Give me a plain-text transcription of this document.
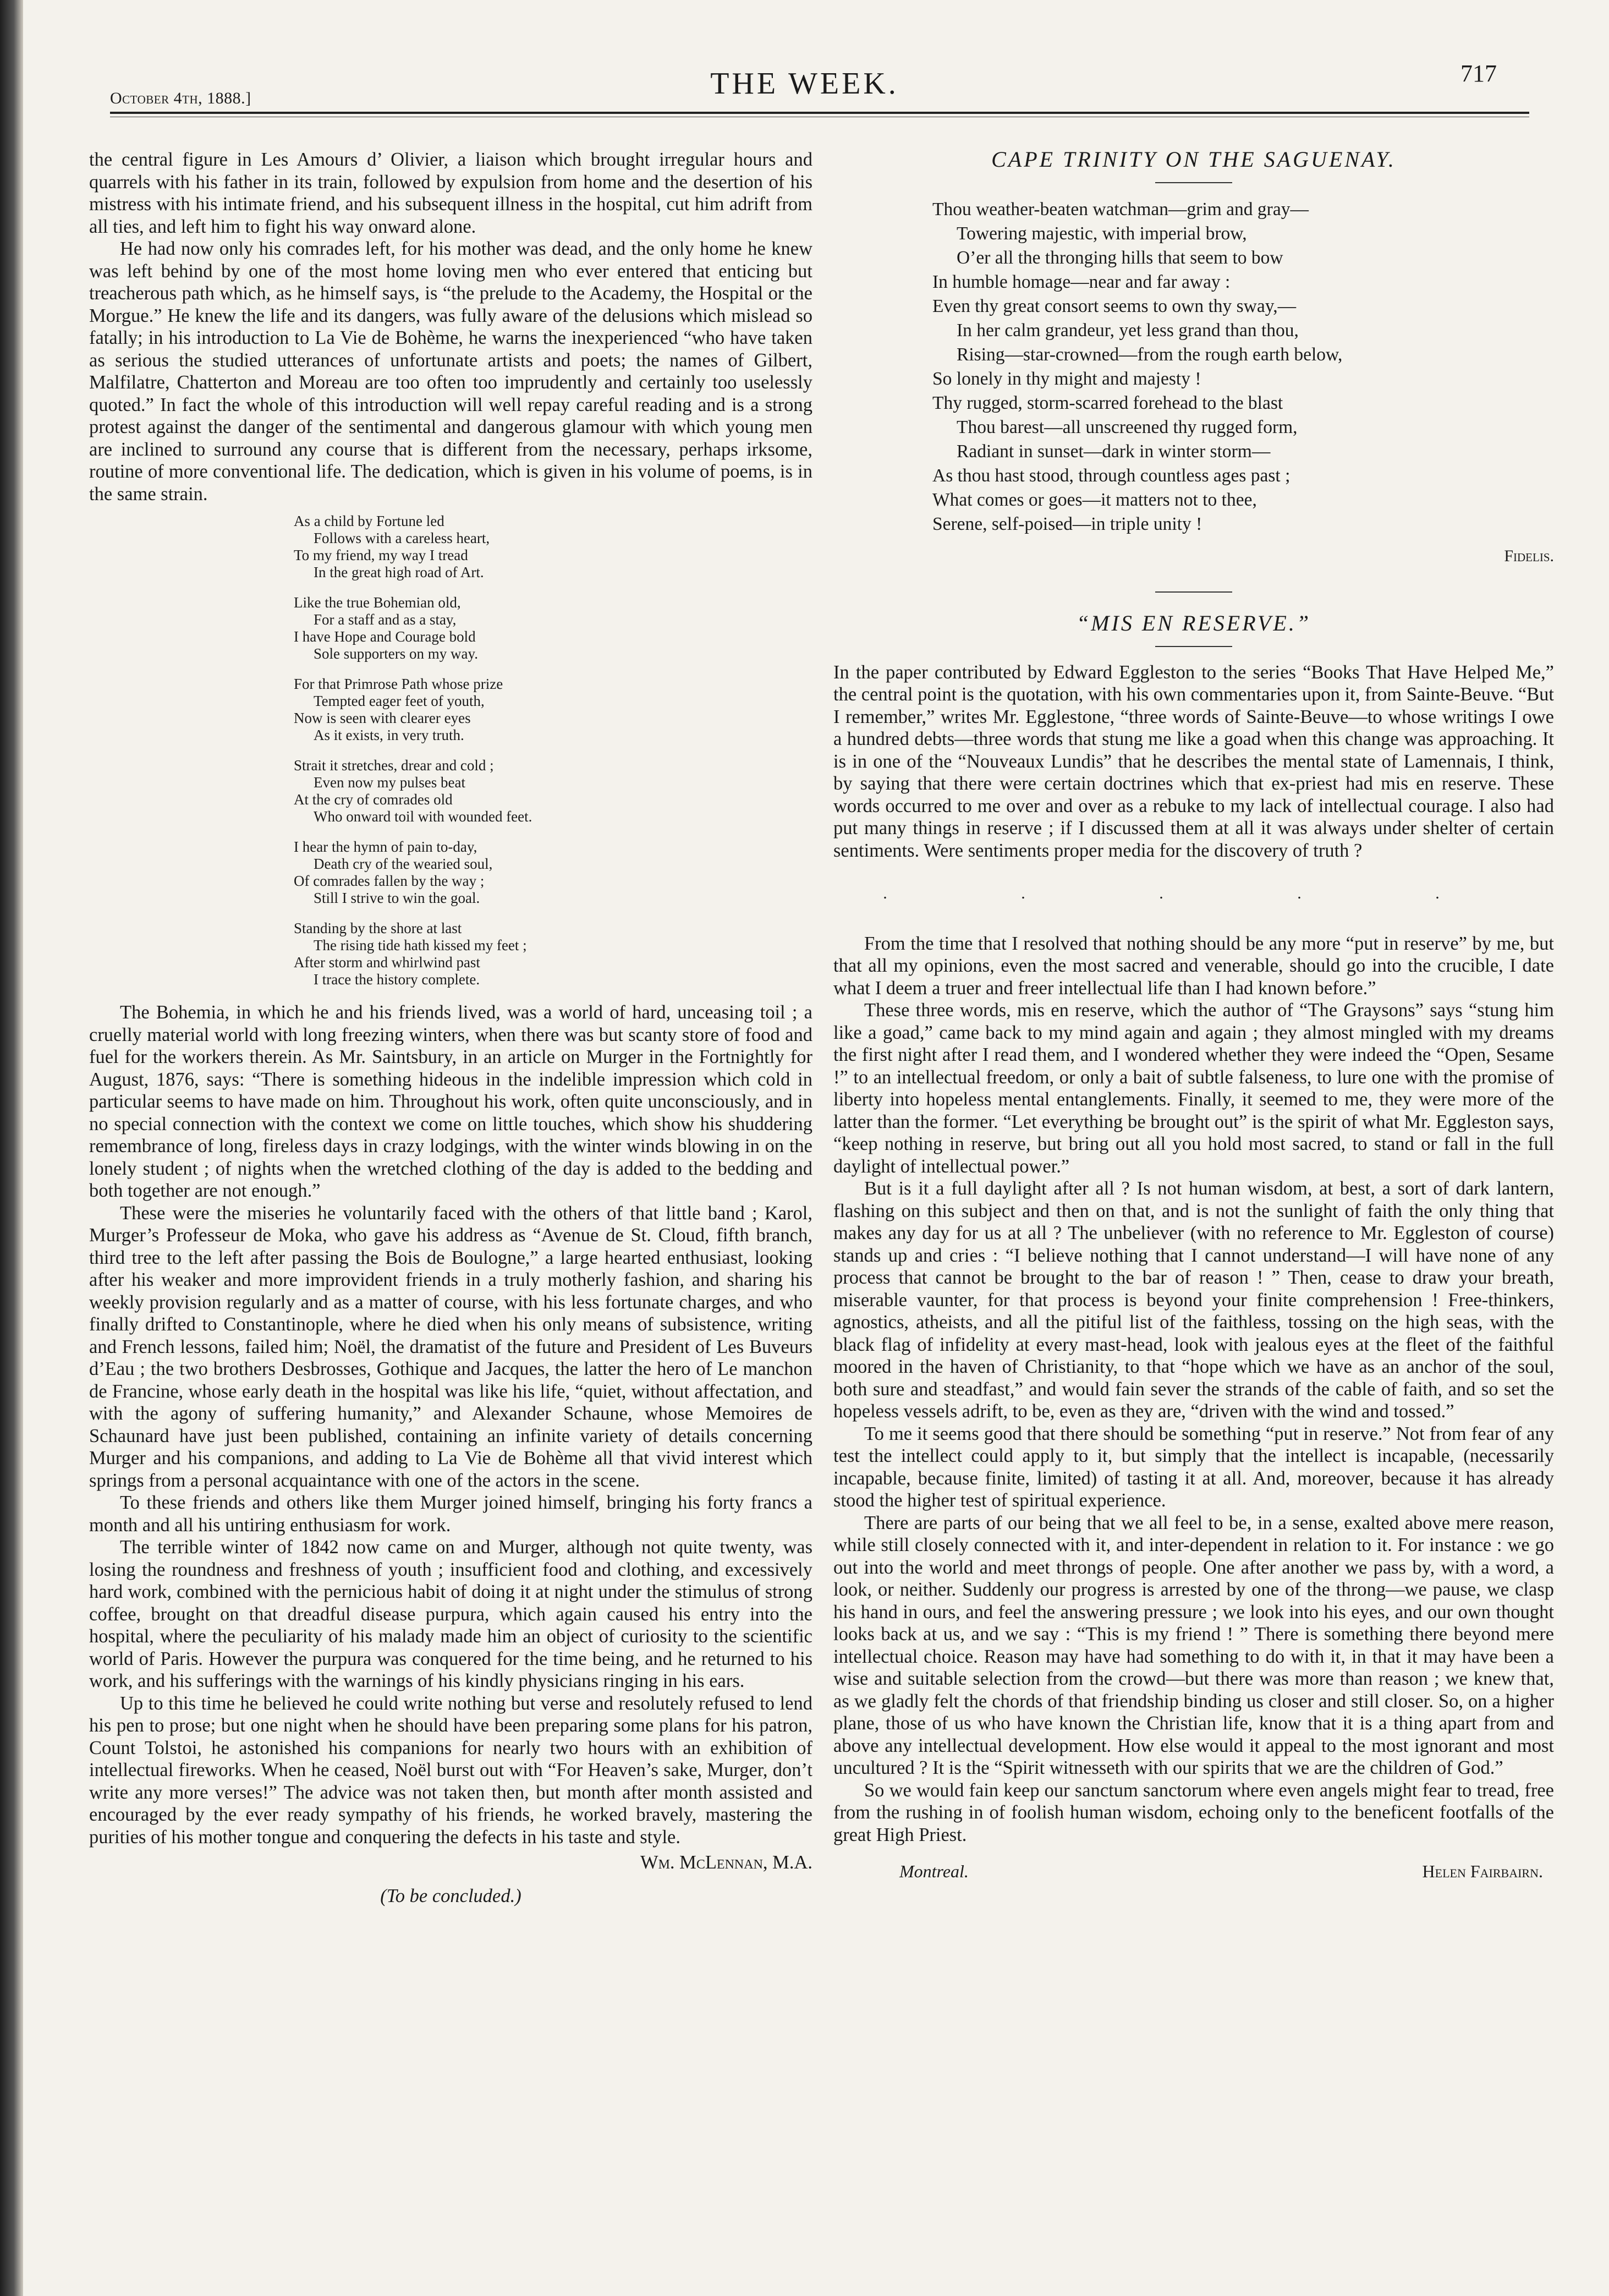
October 4th, 1888.]	THE WEEK.	717

the central figure in Les Amours d’ Olivier, a liaison which brought irregular hours and quarrels with his father in its train, followed by expulsion from home and the desertion of his mistress with his intimate friend, and his subsequent illness in the hospital, cut him adrift from all ties, and left him to fight his way onward alone.

He had now only his comrades left, for his mother was dead, and the only home he knew was left behind by one of the most home loving men who ever entered that enticing but treacherous path which, as he himself says, is “the prelude to the Academy, the Hospital or the Morgue.” He knew the life and its dangers, was fully aware of the delusions which mislead so fatally; in his introduction to La Vie de Bohème, he warns the inexperienced “who have taken as serious the studied utterances of unfortunate artists and poets; the names of Gilbert, Malfilatre, Chatterton and Moreau are too often too imprudently and certainly too uselessly quoted.” In fact the whole of this introduction will well repay careful reading and is a strong protest against the danger of the sentimental and dangerous glamour with which young men are inclined to surround any course that is different from the necessary, perhaps irksome, routine of more conventional life. The dedication, which is given in his volume of poems, is in the same strain.

As a child by Fortune led
Follows with a careless heart,
To my friend, my way I tread
In the great high road of Art.
Like the true Bohemian old,
For a staff and as a stay,
I have Hope and Courage bold
Sole supporters on my way.
For that Primrose Path whose prize
Tempted eager feet of youth,
Now is seen with clearer eyes
As it exists, in very truth.
Strait it stretches, drear and cold ;
Even now my pulses beat
At the cry of comrades old
Who onward toil with wounded feet.
I hear the hymn of pain to-day,
Death cry of the wearied soul,
Of comrades fallen by the way ;
Still I strive to win the goal.
Standing by the shore at last
The rising tide hath kissed my feet ;
After storm and whirlwind past
I trace the history complete.

The Bohemia, in which he and his friends lived, was a world of hard, unceasing toil ; a cruelly material world with long freezing winters, when there was but scanty store of food and fuel for the workers therein. As Mr. Saintsbury, in an article on Murger in the Fortnightly for August, 1876, says: “There is something hideous in the indelible impression which cold in particular seems to have made on him. Throughout his work, often quite unconsciously, and in no special connection with the context we come on little touches, which show his shuddering remembrance of long, fireless days in crazy lodgings, with the winter winds blowing in on the lonely student ; of nights when the wretched clothing of the day is added to the bedding and both together are not enough.”

These were the miseries he voluntarily faced with the others of that little band ; Karol, Murger’s Professeur de Moka, who gave his address as “Avenue de St. Cloud, fifth branch, third tree to the left after passing the Bois de Boulogne,” a large hearted enthusiast, looking after his weaker and more improvident friends in a truly motherly fashion, and sharing his weekly provision regularly and as a matter of course, with his less fortunate charges, and who finally drifted to Constantinople, where he died when his only means of subsistence, writing and French lessons, failed him; Noël, the dramatist of the future and President of Les Buveurs d’Eau ; the two brothers Desbrosses, Gothique and Jacques, the latter the hero of Le manchon de Francine, whose early death in the hospital was like his life, “quiet, without affectation, and with the agony of suffering humanity,” and Alexander Schaune, whose Memoires de Schaunard have just been published, containing an infinite variety of details concerning Murger and his companions, and adding to La Vie de Bohème all that vivid interest which springs from a personal acquaintance with one of the actors in the scene.

To these friends and others like them Murger joined himself, bringing his forty francs a month and all his untiring enthusiasm for work.

The terrible winter of 1842 now came on and Murger, although not quite twenty, was losing the roundness and freshness of youth ; insufficient food and clothing, and excessively hard work, combined with the pernicious habit of doing it at night under the stimulus of strong coffee, brought on that dreadful disease purpura, which again caused his entry into the hospital, where the peculiarity of his malady made him an object of curiosity to the scientific world of Paris. However the purpura was conquered for the time being, and he returned to his work, and his sufferings with the warnings of his kindly physicians ringing in his ears.

Up to this time he believed he could write nothing but verse and resolutely refused to lend his pen to prose; but one night when he should have been preparing some plans for his patron, Count Tolstoi, he astonished his companions for nearly two hours with an exhibition of intellectual fireworks. When he ceased, Noël burst out with “For Heaven’s sake, Murger, don’t write any more verses!” The advice was not taken then, but month after month assisted and encouraged by the ever ready sympathy of his friends, he worked bravely, mastering the purities of his mother tongue and conquering the defects in his taste and style.

Wm. McLennan, M.A.
(To be concluded.)
CAPE TRINITY ON THE SAGUENAY.
Thou weather-beaten watchman—grim and gray—
Towering majestic, with imperial brow,
O’er all the thronging hills that seem to bow
In humble homage—near and far away :
Even thy great consort seems to own thy sway,—
In her calm grandeur, yet less grand than thou,
Rising—star-crowned—from the rough earth below,
So lonely in thy might and majesty !
Thy rugged, storm-scarred forehead to the blast
Thou barest—all unscreened thy rugged form,
Radiant in sunset—dark in winter storm—
As thou hast stood, through countless ages past ;
What comes or goes—it matters not to thee,
Serene, self-poised—in triple unity !
Fidelis.
“MIS EN RESERVE.”

In the paper contributed by Edward Eggleston to the series “Books That Have Helped Me,” the central point is the quotation, with his own commentaries upon it, from Sainte-Beuve. “But I remember,” writes Mr. Egglestone, “three words of Sainte-Beuve—to whose writings I owe a hundred debts—three words that stung me like a goad when this change was approaching. It is in one of the “Nouveaux Lundis” that he describes the mental state of Lamennais, I think, by saying that there were certain doctrines which that ex-priest had mis en reserve. These words occurred to me over and over as a rebuke to my lack of intellectual courage. I also had put many things in reserve ; if I discussed them at all it was always under shelter of certain sentiments. Were sentiments proper media for the discovery of truth ?

. . . . .

From the time that I resolved that nothing should be any more “put in reserve” by me, but that all my opinions, even the most sacred and venerable, should go into the crucible, I date what I deem a truer and freer intellectual life than I had known before.”

These three words, mis en reserve, which the author of “The Graysons” says “stung him like a goad,” came back to my mind again and again ; they almost mingled with my dreams the first night after I read them, and I wondered whether they were indeed the “Open, Sesame !” to an intellectual freedom, or only a bait of subtle falseness, to lure one with the promise of liberty into hopeless mental entanglements. Finally, it seemed to me, they were more of the latter than the former. “Let everything be brought out” is the spirit of what Mr. Eggleston says, “keep nothing in reserve, but bring out all you hold most sacred, to stand or fall in the full daylight of intellectual power.”

But is it a full daylight after all ? Is not human wisdom, at best, a sort of dark lantern, flashing on this subject and then on that, and is not the sunlight of faith the only thing that makes any day for us at all ? The unbeliever (with no reference to Mr. Eggleston of course) stands up and cries : “I believe nothing that I cannot understand—I will have none of any process that cannot be brought to the bar of reason ! ” Then, cease to draw your breath, miserable vaunter, for that process is beyond your finite comprehension ! Free-thinkers, agnostics, atheists, and all the pitiful list of the faithless, tossing on the high seas, with the black flag of infidelity at every mast-head, look with jealous eyes at the fleet of the faithful moored in the haven of Christianity, to that “hope which we have as an anchor of the soul, both sure and steadfast,” and would fain sever the strands of the cable of faith, and so set the hopeless vessels adrift, to be, even as they are, “driven with the wind and tossed.”

To me it seems good that there should be something “put in reserve.” Not from fear of any test the intellect could apply to it, but simply that the intellect is incapable, (necessarily incapable, because finite, limited) of tasting it at all. And, moreover, because it has already stood the higher test of spiritual experience.

There are parts of our being that we all feel to be, in a sense, exalted above mere reason, while still closely connected with it, and inter-dependent in relation to it. For instance : we go out into the world and meet throngs of people. One after another we pass by, with a word, a look, or neither. Suddenly our progress is arrested by one of the throng—we pause, we clasp his hand in ours, and feel the answering pressure ; we look into his eyes, and our own thought looks back at us, and we say : “This is my friend ! ” There is something there beyond mere intellectual choice. Reason may have had something to do with it, in that it may have been a wise and suitable selection from the crowd—but there was more than reason ; we knew that, as we gladly felt the chords of that friendship binding us closer and still closer. So, on a higher plane, those of us who have known the Christian life, know that it is a thing apart from and above any intellectual development. How else would it appeal to the most ignorant and most uncultured ? It is the “Spirit witnesseth with our spirits that we are the children of God.”

So we would fain keep our sanctum sanctorum where even angels might fear to tread, free from the rushing in of foolish human wisdom, echoing only to the beneficent footfalls of the great High Priest.

Montreal.	Helen Fairbairn.
